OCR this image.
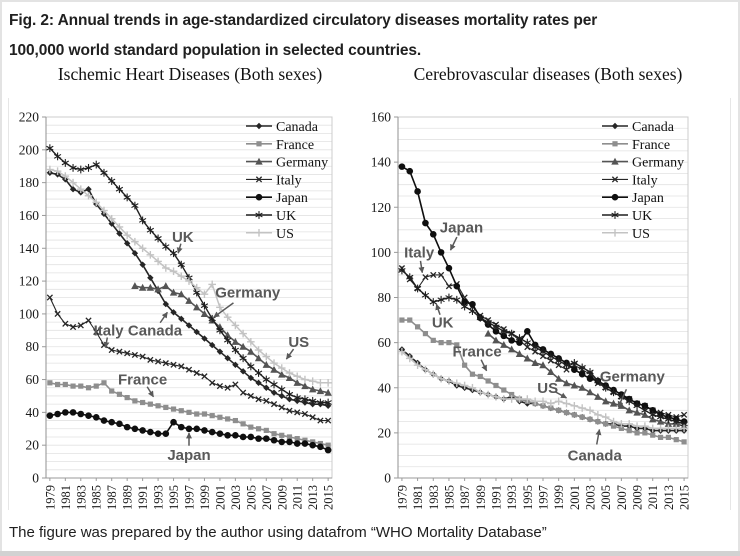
Fig. 2: Annual trends in age-standardized circulatory diseases mortality rates per
100,000 world standard population in selected countries.
Ischemic Heart Diseases (Both sexes)	Cerebrovascular diseases (Both sexes)
0
20
40
60
80
100
120
140
160
180
200
220
1979 1981 1983 1985 1987 1989 1991 1993 1995 1997 1999 2001 2003 2005 2007 2009 2011 2013 2015
Canada
France
Germany
Italy
Japan
UK
US
UK
Germany
Italy Canada
US
France
Japan
0
20
40
60
80
100
120
140
160
1979 1981 1983 1985 1987 1989 1991 1993 1995 1997 1999 2001 2003 2005 2007 2009 2011 2013 2015
Canada
France
Germany
Italy
Japan
UK
US
Japan
Italy
UK
France
US
Germany
Canada
The figure was prepared by the author using datafrom “WHO Mortality Database”
